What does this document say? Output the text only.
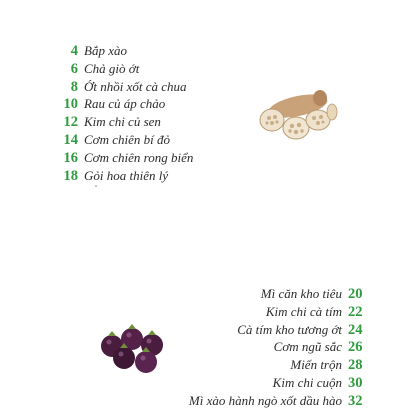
4 Bắp xào
6 Chả giò ớt
8 Ớt nhồi xốt cà chua
10 Rau củ áp chảo
12 Kim chi củ sen
14 Cơm chiên bí đỏ
16 Cơm chiên rong biển
18 Gỏi hoa thiên lý
Mì căn kho tiêu 20
Kim chi cà tím 22
Cà tím kho tương ớt 24
Cơm ngũ sắc 26
Miến trộn 28
Kim chi cuộn 30
Mì xào hành ngò xốt dầu hào 32
